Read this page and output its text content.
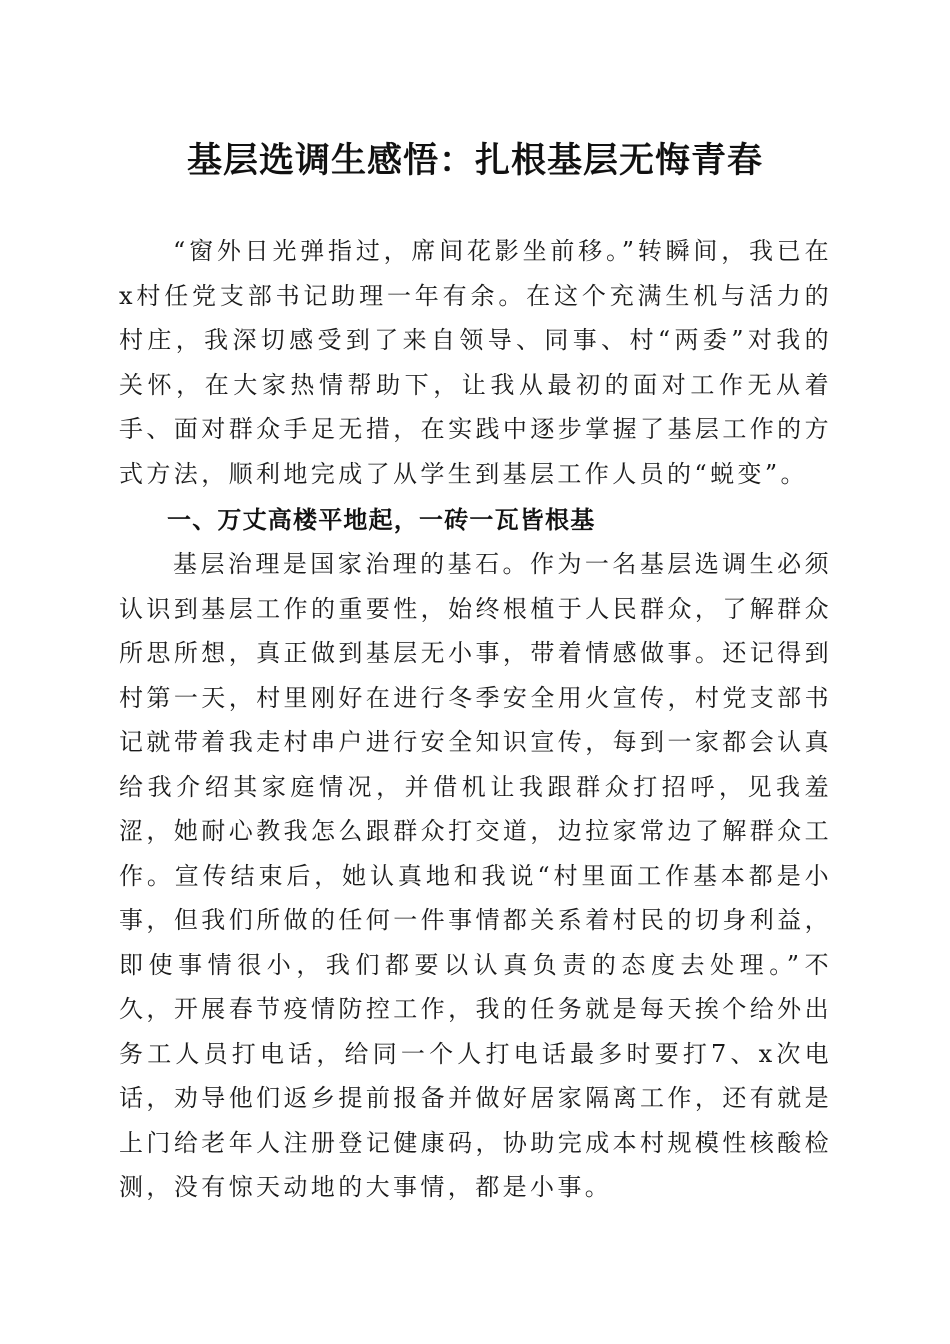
基层选调生感悟：扎根基层无悔青春

“窗外日光弹指过，席间花影坐前移。”转瞬间，我已在x村任党支部书记助理一年有余。在这个充满生机与活力的村庄，我深切感受到了来自领导、同事、村“两委”对我的关怀，在大家热情帮助下，让我从最初的面对工作无从着手、面对群众手足无措，在实践中逐步掌握了基层工作的方式方法，顺利地完成了从学生到基层工作人员的“蜕变”。

一、万丈高楼平地起，一砖一瓦皆根基

基层治理是国家治理的基石。作为一名基层选调生必须认识到基层工作的重要性，始终根植于人民群众，了解群众所思所想，真正做到基层无小事，带着情感做事。还记得到村第一天，村里刚好在进行冬季安全用火宣传，村党支部书记就带着我走村串户进行安全知识宣传，每到一家都会认真给我介绍其家庭情况，并借机让我跟群众打招呼，见我羞涩，她耐心教我怎么跟群众打交道，边拉家常边了解群众工作。宣传结束后，她认真地和我说“村里面工作基本都是小事，但我们所做的任何一件事情都关系着村民的切身利益，即使事情很小，我们都要以认真负责的态度去处理。”不久，开展春节疫情防控工作，我的任务就是每天挨个给外出务工人员打电话，给同一个人打电话最多时要打7、x次电话，劝导他们返乡提前报备并做好居家隔离工作，还有就是上门给老年人注册登记健康码，协助完成本村规模性核酸检测，没有惊天动地的大事情，都是小事。
